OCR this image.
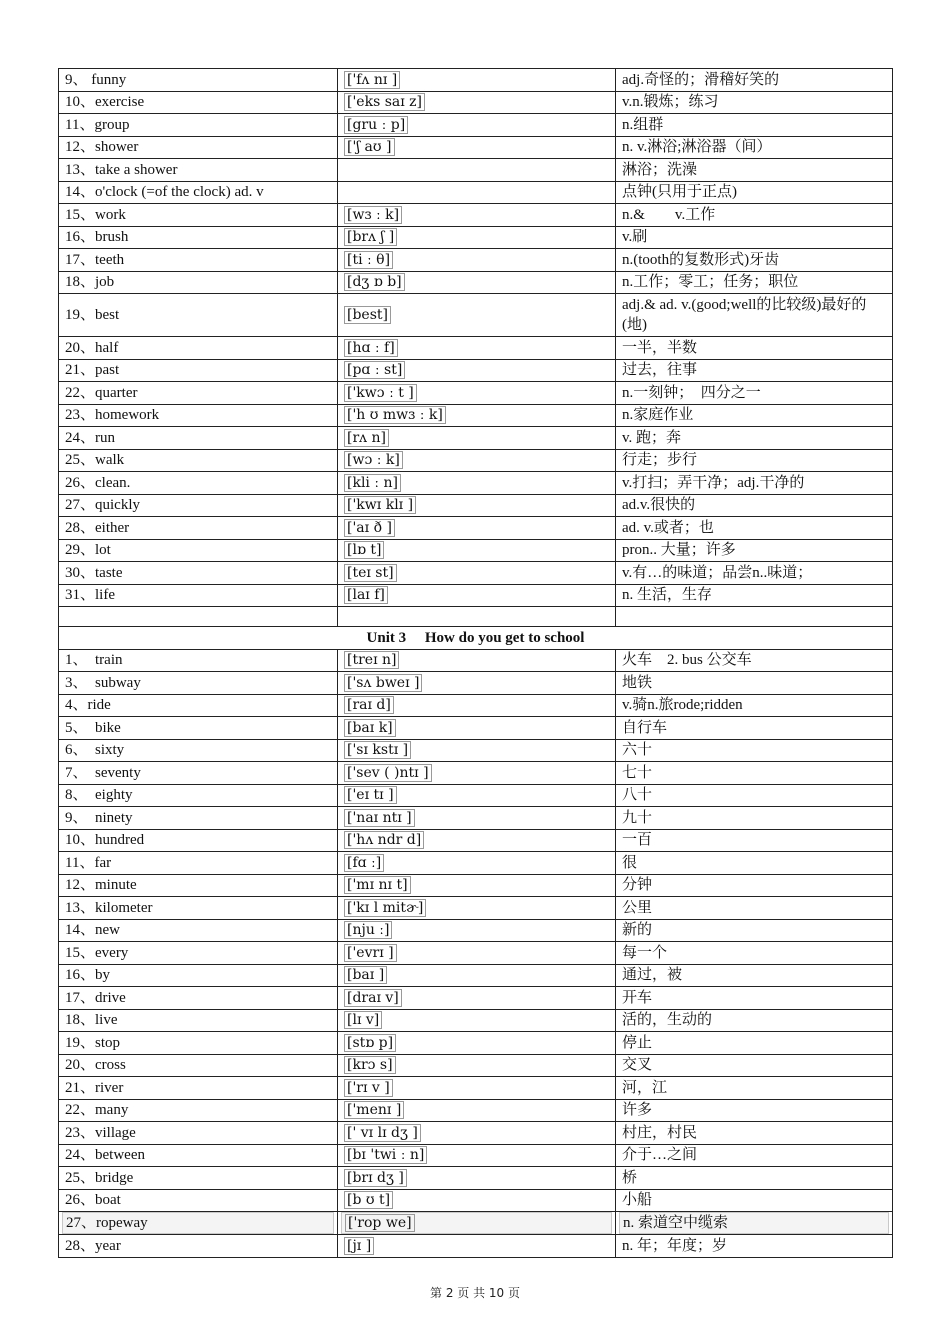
9、 funny	['fʌ nɪ ]	adj.奇怪的；滑稽好笑的
10、exercise	['eks saɪ z]	v.n.锻炼；练习
11、group	[gru ː p]	n.组群
12、shower	['ʃ aʊ ]	n. v.淋浴;淋浴器（间）
13、take a shower		淋浴；洗澡
14、o'clock (=of the clock) ad. v		点钟(只用于正点)
15、work	[wɜ ː k]	n.&　　v.工作
16、brush	[brʌ ʃ ]	v.刷
17、teeth	[ti ː θ]	n.(tooth的复数形式)牙齿
18、job	[dʒ ɒ b]	n.工作；零工；任务；职位
19、best	[best]	adj.& ad. v.(good;well的比较级)最好的(地)
20、half	[hɑ ː f]	一半，半数
21、past	[pɑ ː st]	过去，往事
22、quarter	['kwɔ ː t ]	n.一刻钟；　四分之一
23、homework	['h ʊ mwɜ ː k]	n.家庭作业
24、run	[rʌ n]	v. 跑；奔
25、walk	[wɔ ː k]	行走；步行
26、clean.	[kli ː n]	v.打扫；弄干净；adj.干净的
27、quickly	['kwɪ klɪ ]	ad.v.很快的
28、either	['aɪ ð ]	ad. v.或者；也
29、lot	[lɒ t]	pron.. 大量；许多
30、taste	[teɪ st]	v.有…的味道；品尝n..味道；
31、life	[laɪ f]	n. 生活，生存

Unit 3　 How do you get to school		
1、　train	[treɪ n]	火车　2. bus 公交车
3、　subway	['sʌ bweɪ ]	地铁
4、ride	[raɪ d]	v.骑n.旅rode;ridden
5、　bike	[baɪ k]	自行车
6、　sixty	['sɪ kstɪ ]	六十
7、　seventy	['sev ( )ntɪ ]	七十
8、　eighty	['eɪ tɪ ]	八十
9、　ninety	['naɪ ntɪ ]	九十
10、hundred	['hʌ ndr d]	一百
11、far	[fɑ ː]	很
12、minute	['mɪ nɪ t]	分钟
13、kilometer	['kɪ l mitɚ]	公里
14、new	[nju ː]	新的
15、every	['evrɪ ]	每一个
16、by	[baɪ ]	通过，被
17、drive	[draɪ v]	开车
18、live	[lɪ v]	活的，生动的
19、stop	[stɒ p]	停止
20、cross	[krɔ s]	交叉
21、river	['rɪ v ]	河，江
22、many	['menɪ ]	许多
23、village	[' vɪ lɪ dʒ ]	村庄，村民
24、between	[bɪ 'twi ː n]	介于…之间
25、bridge	[brɪ dʒ ]	桥
26、boat	[b ʊ t]	小船

27、ropeway	['rop we]	n. 索道空中缆索

28、year	[jɪ ]	n. 年；年度；岁
第 2 页 共 10 页
